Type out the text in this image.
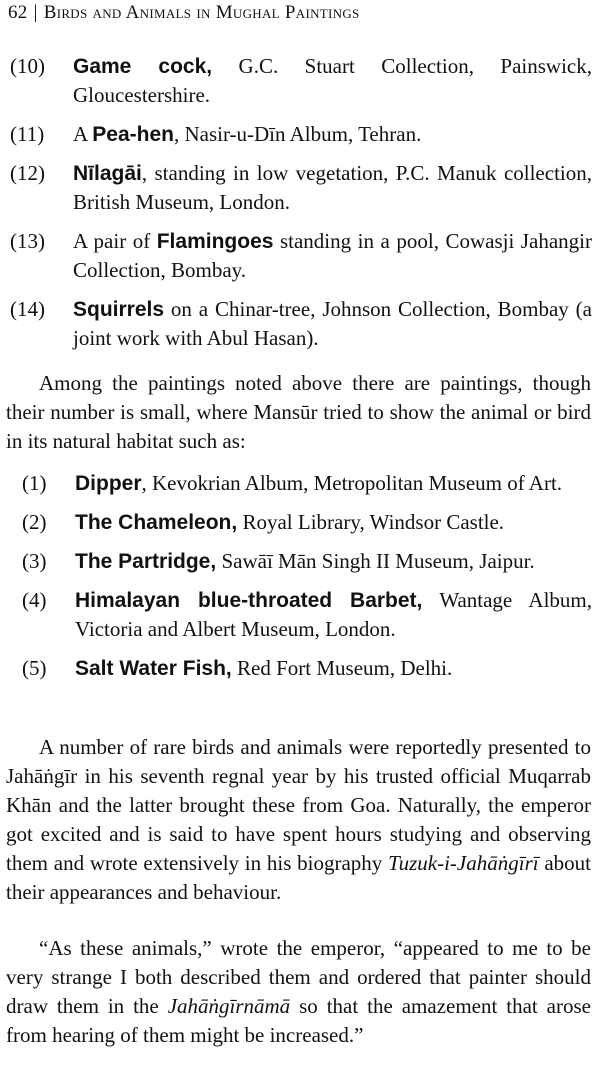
62 | Birds and Animals in Mughal Paintings
(10) Game cock, G.C. Stuart Collection, Painswick, Gloucestershire.
(11) A Pea-hen, Nasir-u-Dīn Album, Tehran.
(12) Nīlagāi, standing in low vegetation, P.C. Manuk collection, British Museum, London.
(13) A pair of Flamingoes standing in a pool, Cowasji Jahangir Collection, Bombay.
(14) Squirrels on a Chinar-tree, Johnson Collection, Bombay (a joint work with Abul Hasan).

Among the paintings noted above there are paintings, though their number is small, where Mansūr tried to show the animal or bird in its natural habitat such as:

(1) Dipper, Kevokrian Album, Metropolitan Museum of Art.
(2) The Chameleon, Royal Library, Windsor Castle.
(3) The Partridge, Sawāī Mān Singh II Museum, Jaipur.
(4) Himalayan blue-throated Barbet, Wantage Album, Victoria and Albert Museum, London.
(5) Salt Water Fish, Red Fort Museum, Delhi.

A number of rare birds and animals were reportedly presented to Jahāṅgīr in his seventh regnal year by his trusted official Muqarrab Khān and the latter brought these from Goa. Naturally, the emperor got excited and is said to have spent hours studying and observing them and wrote extensively in his biography Tuzuk-i-Jahāṅgīrī about their appearances and behaviour.

“As these animals,” wrote the emperor, “appeared to me to be very strange I both described them and ordered that painter should draw them in the Jahāṅgīrnāmā so that the amazement that arose from hearing of them might be increased.”
